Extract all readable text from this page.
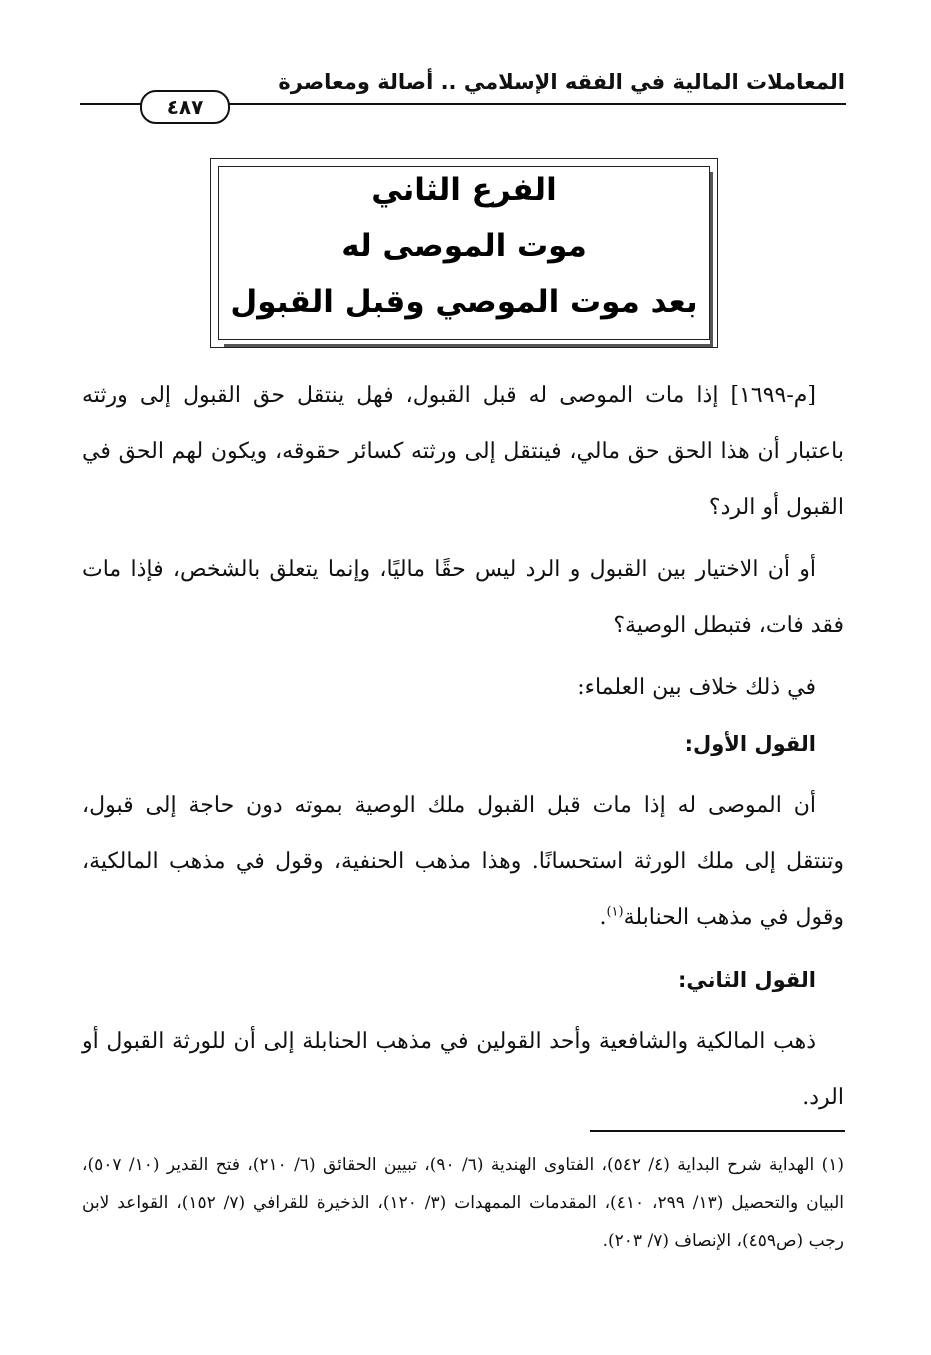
المعاملات المالية في الفقه الإسلامي .. أصالة ومعاصرة
٤٨٧
الفرع الثاني
موت الموصى له
بعد موت الموصي وقبل القبول

[م-١٦٩٩] إذا مات الموصى له قبل القبول، فهل ينتقل حق القبول إلى ورثته باعتبار أن هذا الحق حق مالي، فينتقل إلى ورثته كسائر حقوقه، ويكون لهم الحق في القبول أو الرد؟

أو أن الاختيار بين القبول و الرد ليس حقًا ماليًا، وإنما يتعلق بالشخص، فإذا مات فقد فات، فتبطل الوصية؟

في ذلك خلاف بين العلماء:

القول الأول:

أن الموصى له إذا مات قبل القبول ملك الوصية بموته دون حاجة إلى قبول، وتنتقل إلى ملك الورثة استحسانًا. وهذا مذهب الحنفية، وقول في مذهب المالكية، وقول في مذهب الحنابلة$^{(١)}$.

القول الثاني:

ذهب المالكية والشافعية وأحد القولين في مذهب الحنابلة إلى أن للورثة القبول أو الرد.

(١) الهداية شرح البداية (٤/ ٥٤٢)، الفتاوى الهندية (٦/ ٩٠)، تبيين الحقائق (٦/ ٢١٠)، فتح القدير (١٠/ ٥٠٧)، البيان والتحصيل (١٣/ ٢٩٩، ٤١٠)، المقدمات الممهدات (٣/ ١٢٠)، الذخيرة للقرافي (٧/ ١٥٢)، القواعد لابن رجب (ص٤٥٩)، الإنصاف (٧/ ٢٠٣).
